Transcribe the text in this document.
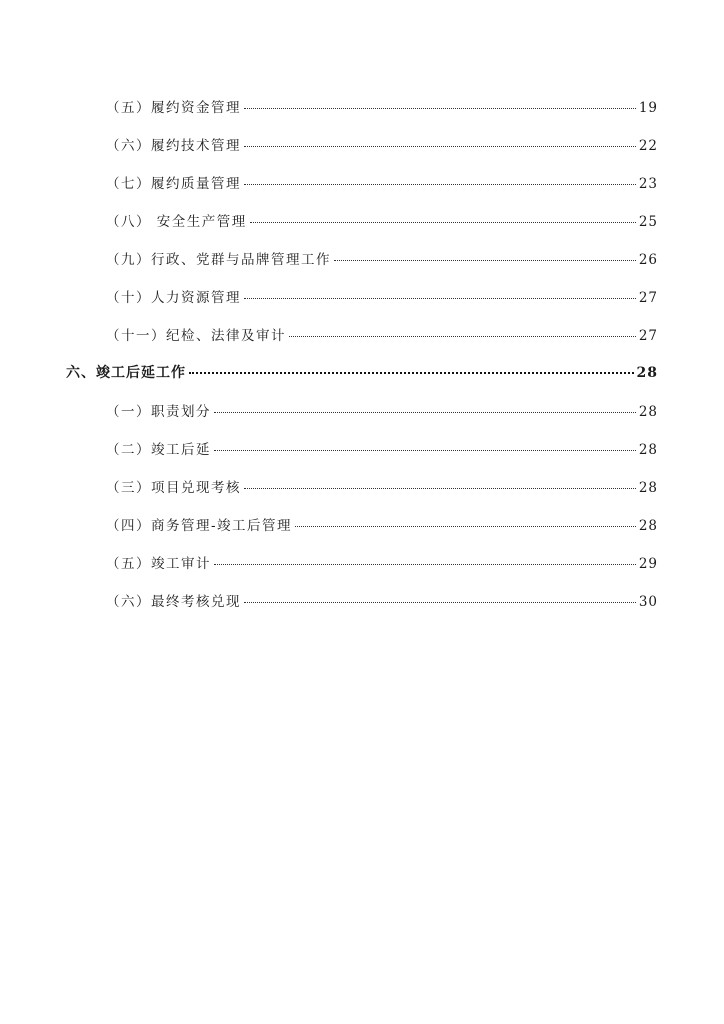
（五）履约资金管理	19
（六）履约技术管理	22
（七）履约质量管理	23
（八） 安全生产管理	25
（九）行政、党群与品牌管理工作	26
（十）人力资源管理	27
（十一）纪检、法律及审计	27
六、竣工后延工作	28
（一）职责划分	28
（二）竣工后延	28
（三）项目兑现考核	28
（四）商务管理-竣工后管理	28
（五）竣工审计	29
（六）最终考核兑现	30
